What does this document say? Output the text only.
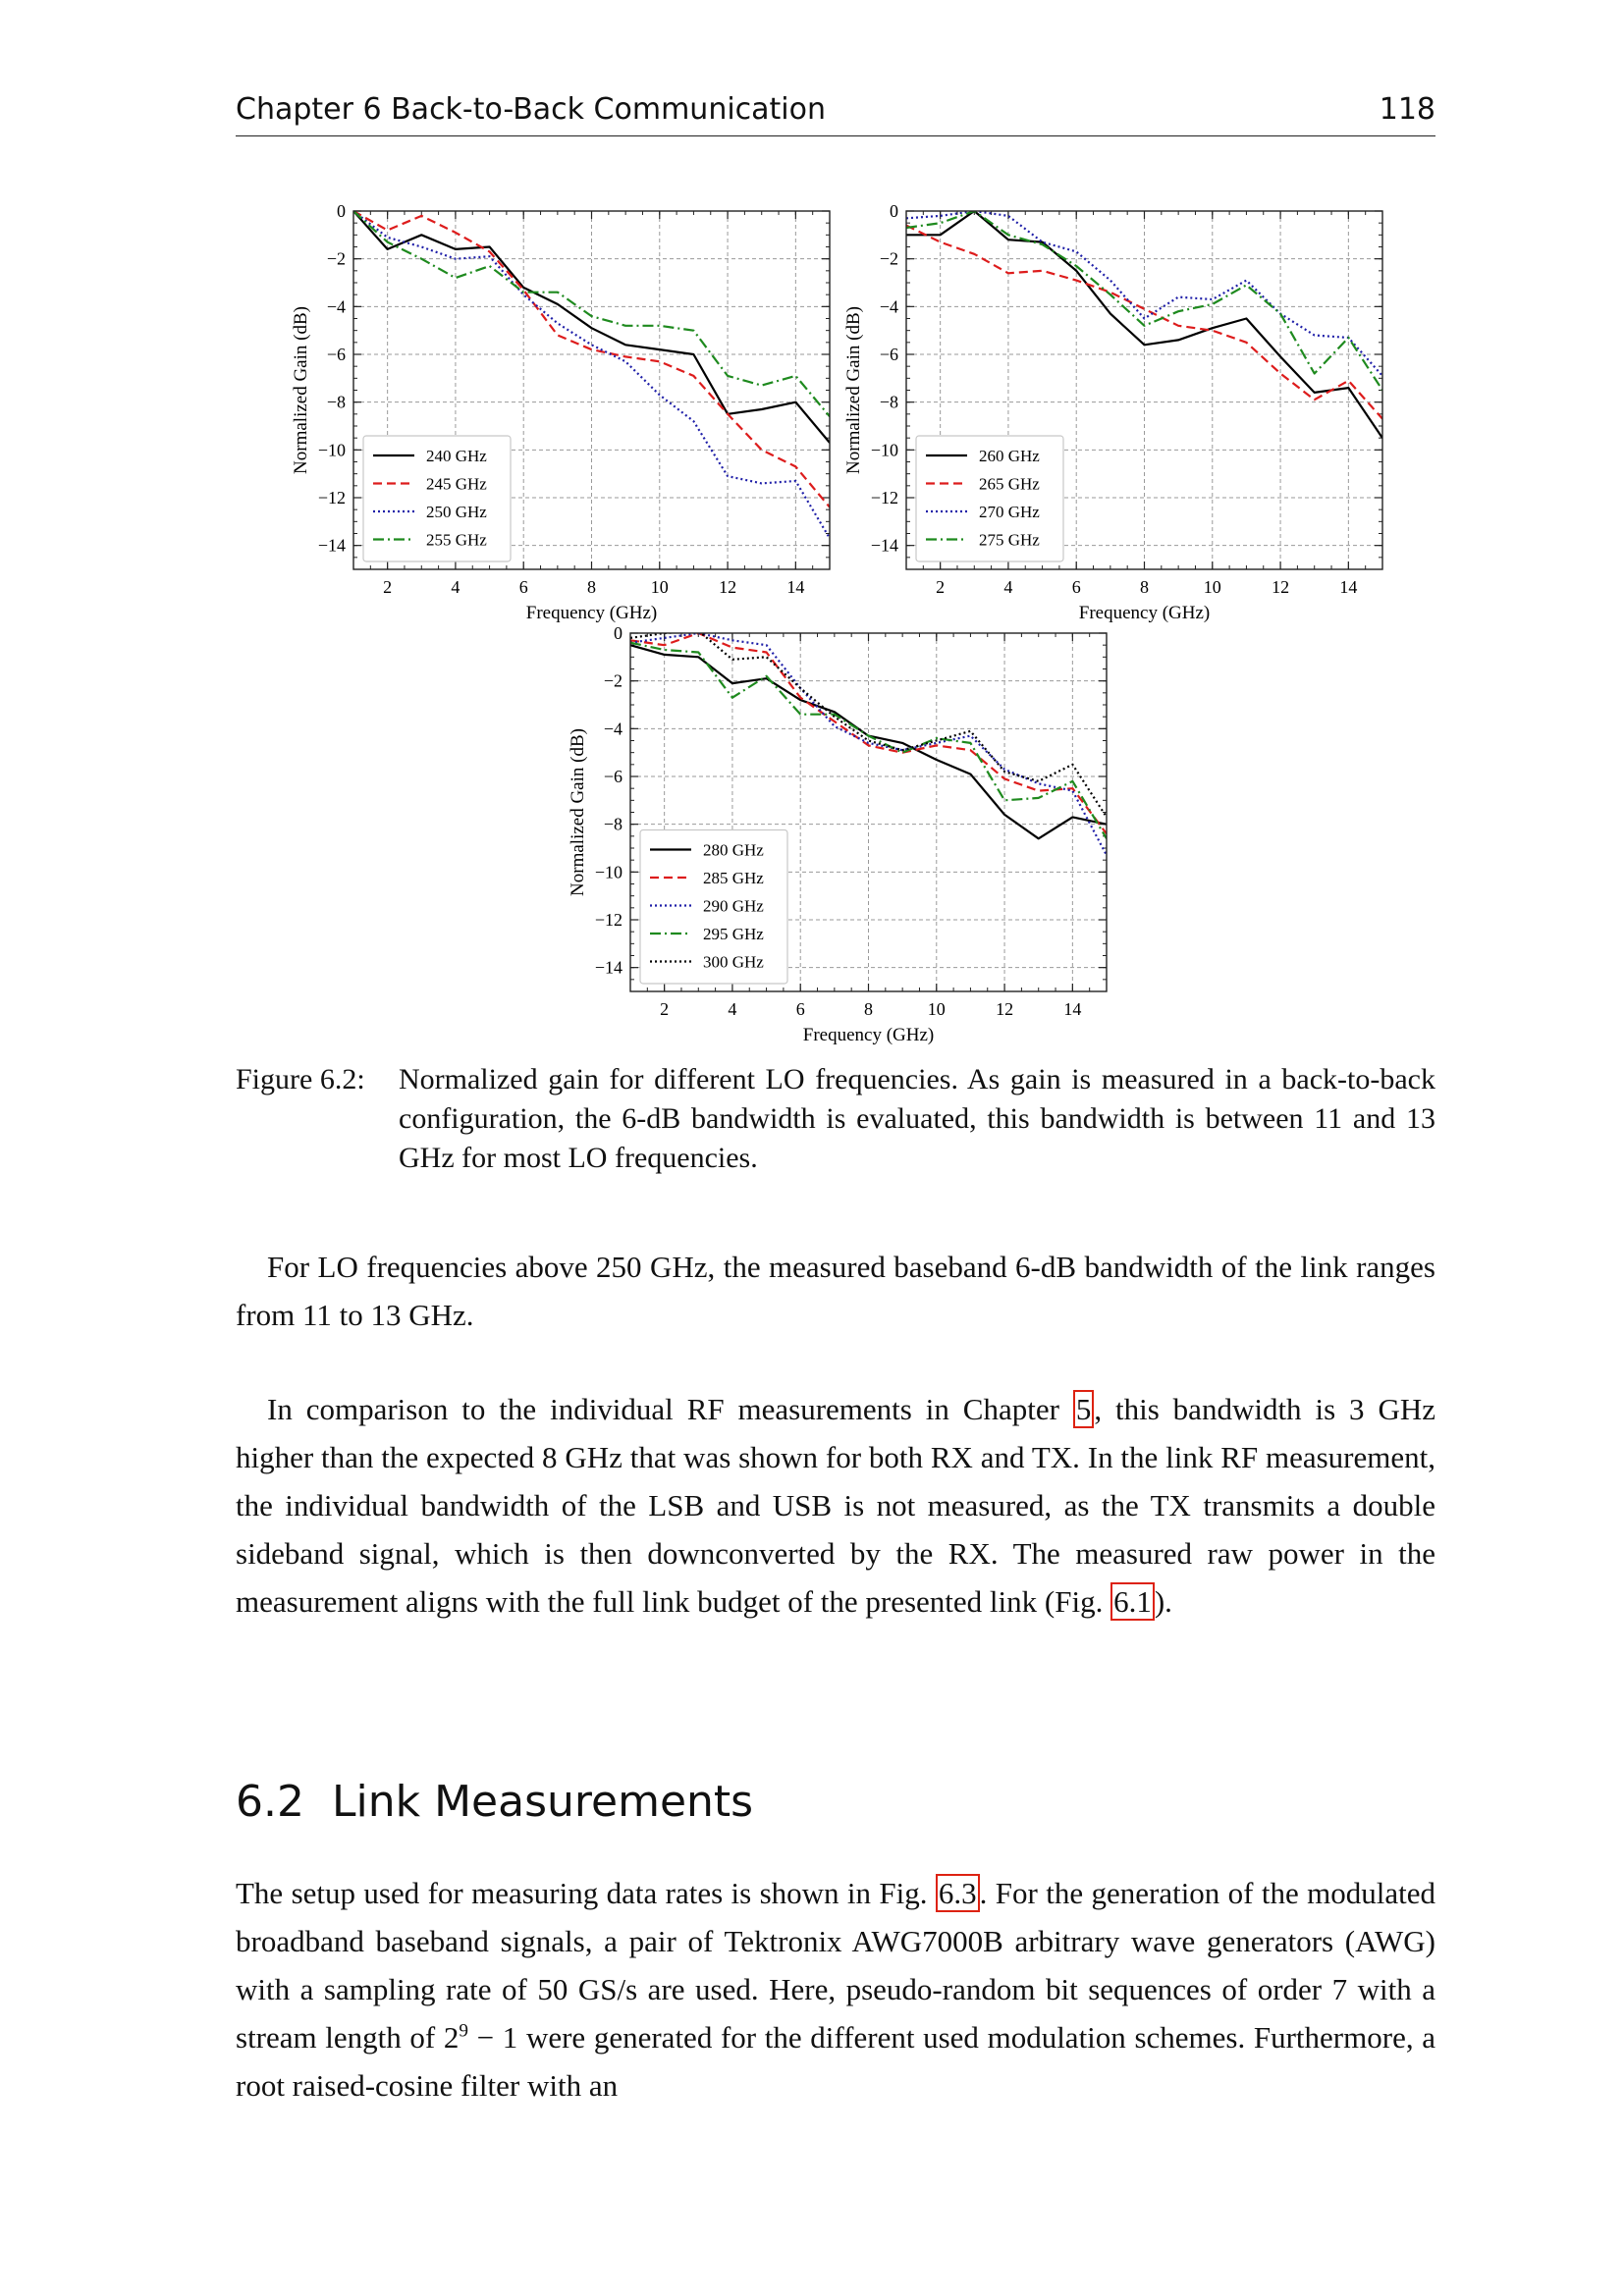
Chapter 6 Back-to-Back Communication	118
2	4	6	8	10	12	14
0
−2
−4
−6
−8
−10
−12
−14
Frequency (GHz)
Normalized Gain (dB)	240 GHz
245 GHz
250 GHz
255 GHz
2	4	6	8	10	12	14
0
−2
−4
−6
−8
−10
−12
−14
Frequency (GHz)
Normalized Gain (dB)	260 GHz
265 GHz
270 GHz
275 GHz
2	4	6	8	10	12	14
0
−2
−4
−6
−8
−10
−12
−14
Frequency (GHz)
Normalized Gain (dB)	280 GHz
285 GHz
290 GHz
295 GHz
300 GHz
Figure 6.2: Normalized gain for different LO frequencies. As gain is measured in a back-to-back configuration, the 6-dB bandwidth is evaluated, this bandwidth is between 11 and 13 GHz for most LO frequencies.
For LO frequencies above 250 GHz, the measured baseband 6-dB bandwidth of the link ranges from 11 to 13 GHz.
In comparison to the individual RF measurements in Chapter 5, this bandwidth is 3 GHz higher than the expected 8 GHz that was shown for both RX and TX. In the link RF measurement, the individual bandwidth of the LSB and USB is not measured, as the TX transmits a double sideband signal, which is then downconverted by the RX. The measured raw power in the measurement aligns with the full link budget of the presented link (Fig. 6.1).
6.2 Link Measurements
The setup used for measuring data rates is shown in Fig. 6.3. For the generation of the modulated broadband baseband signals, a pair of Tektronix AWG7000B arbitrary wave generators (AWG) with a sampling rate of 50 GS/s are used. Here, pseudo-random bit sequences of order 7 with a stream length of $2^9 - 1$ were generated for the different used modulation schemes. Furthermore, a root raised-cosine filter with an
